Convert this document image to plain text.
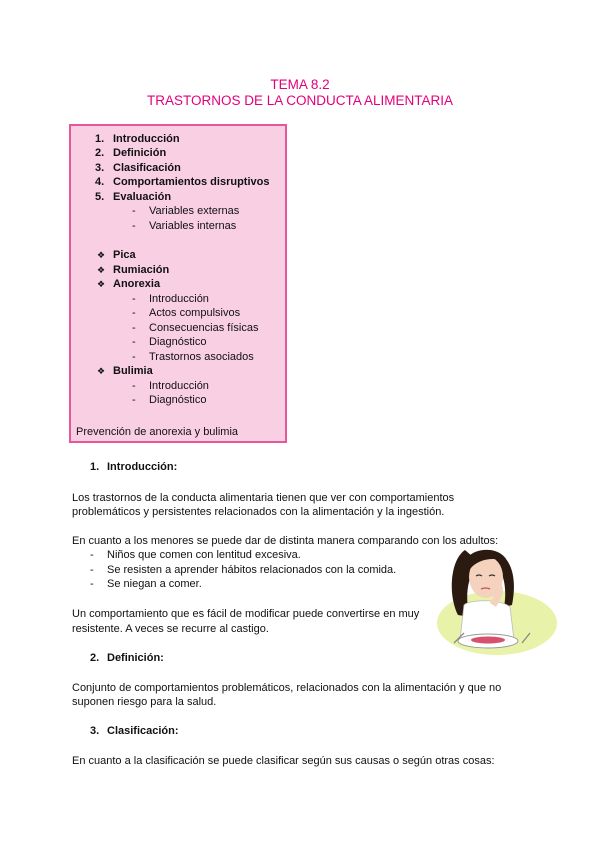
TEMA 8.2
TRASTORNOS DE LA CONDUCTA ALIMENTARIA
1. Introducción
2. Definición
3. Clasificación
4. Comportamientos disruptivos
5. Evaluación
- Variables externas
- Variables internas
❖ Pica
❖ Rumiación
❖ Anorexia
- Introducción
- Actos compulsivos
- Consecuencias físicas
- Diagnóstico
- Trastornos asociados
❖ Bulimia
- Introducción
- Diagnóstico
Prevención de anorexia y bulimia
1. Introducción:
Los trastornos de la conducta alimentaria tienen que ver con comportamientos
problemáticos y persistentes relacionados con la alimentación y la ingestión.
En cuanto a los menores se puede dar de distinta manera comparando con los adultos:
- Niños que comen con lentitud excesiva.
- Se resisten a aprender hábitos relacionados con la comida.
- Se niegan a comer.
Un comportamiento que es fácil de modificar puede convertirse en muy
resistente. A veces se recurre al castigo.
2. Definición:
Conjunto de comportamientos problemáticos, relacionados con la alimentación y que no
suponen riesgo para la salud.
3. Clasificación:
En cuanto a la clasificación se puede clasificar según sus causas o según otras cosas:
